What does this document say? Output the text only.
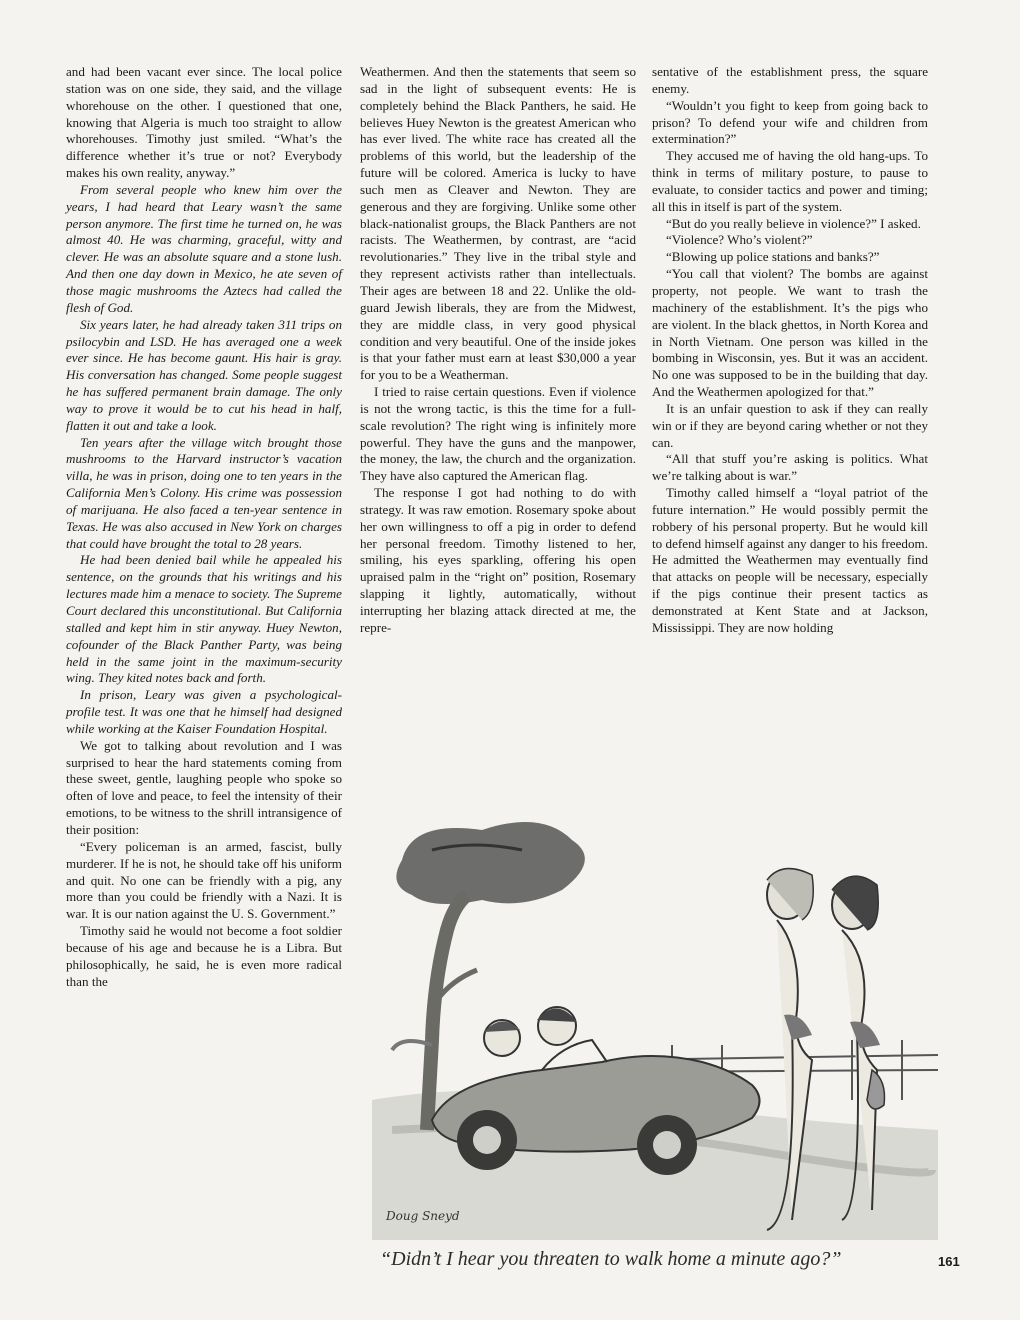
and had been vacant ever since. The local police station was on one side, they said, and the village whorehouse on the other. I questioned that one, knowing that Algeria is much too straight to allow whorehouses. Timothy just smiled. “What’s the difference whether it’s true or not? Everybody makes his own reality, anyway.”

From several people who knew him over the years, I had heard that Leary wasn’t the same person anymore. The first time he turned on, he was almost 40. He was charming, graceful, witty and clever. He was an absolute square and a stone lush. And then one day down in Mexico, he ate seven of those magic mushrooms the Aztecs had called the flesh of God.

Six years later, he had already taken 311 trips on psilocybin and LSD. He has averaged one a week ever since. He has become gaunt. His hair is gray. His conversation has changed. Some people suggest he has suffered permanent brain damage. The only way to prove it would be to cut his head in half, flatten it out and take a look.

Ten years after the village witch brought those mushrooms to the Harvard instructor’s vacation villa, he was in prison, doing one to ten years in the California Men’s Colony. His crime was possession of marijuana. He also faced a ten-year sentence in Texas. He was also accused in New York on charges that could have brought the total to 28 years.

He had been denied bail while he appealed his sentence, on the grounds that his writings and his lectures made him a menace to society. The Supreme Court declared this unconstitutional. But California stalled and kept him in stir anyway. Huey Newton, cofounder of the Black Panther Party, was being held in the same joint in the maximum-security wing. They kited notes back and forth.

In prison, Leary was given a psychological-profile test. It was one that he himself had designed while working at the Kaiser Foundation Hospital.

We got to talking about revolution and I was surprised to hear the hard statements coming from these sweet, gentle, laughing people who spoke so often of love and peace, to feel the intensity of their emotions, to be witness to the shrill intransigence of their position:

“Every policeman is an armed, fascist, bully murderer. If he is not, he should take off his uniform and quit. No one can be friendly with a pig, any more than you could be friendly with a Nazi. It is war. It is our nation against the U. S. Government.”

Timothy said he would not become a foot soldier because of his age and because he is a Libra. But philosophically, he said, he is even more radical than the

Weathermen. And then the statements that seem so sad in the light of subsequent events: He is completely behind the Black Panthers, he said. He believes Huey Newton is the greatest American who has ever lived. The white race has created all the problems of this world, but the leadership of the future will be colored. America is lucky to have such men as Cleaver and Newton. They are generous and they are forgiving. Unlike some other black-nationalist groups, the Black Panthers are not racists. The Weathermen, by contrast, are “acid revolutionaries.” They live in the tribal style and they represent activists rather than intellectuals. Their ages are between 18 and 22. Unlike the old-guard Jewish liberals, they are from the Midwest, they are middle class, in very good physical condition and very beautiful. One of the inside jokes is that your father must earn at least $30,000 a year for you to be a Weatherman.

I tried to raise certain questions. Even if violence is not the wrong tactic, is this the time for a full-scale revolution? The right wing is infinitely more powerful. They have the guns and the manpower, the money, the law, the church and the organization. They have also captured the American flag.

The response I got had nothing to do with strategy. It was raw emotion. Rosemary spoke about her own willingness to off a pig in order to defend her personal freedom. Timothy listened to her, smiling, his eyes sparkling, offering his open upraised palm in the “right on” position, Rosemary slapping it lightly, automatically, without interrupting her blazing attack directed at me, the repre-

sentative of the establishment press, the square enemy.

“Wouldn’t you fight to keep from going back to prison? To defend your wife and children from extermination?”

They accused me of having the old hang-ups. To think in terms of military posture, to pause to evaluate, to consider tactics and power and timing; all this in itself is part of the system.

“But do you really believe in violence?” I asked.

“Violence? Who’s violent?”

“Blowing up police stations and banks?”

“You call that violent? The bombs are against property, not people. We want to trash the machinery of the establishment. It’s the pigs who are violent. In the black ghettos, in North Korea and in North Vietnam. One person was killed in the bombing in Wisconsin, yes. But it was an accident. No one was supposed to be in the building that day. And the Weathermen apologized for that.”

It is an unfair question to ask if they can really win or if they are beyond caring whether or not they can.

“All that stuff you’re asking is politics. What we’re talking about is war.”

Timothy called himself a “loyal patriot of the future internation.” He would possibly permit the robbery of his personal property. But he would kill to defend himself against any danger to his freedom. He admitted the Weathermen may eventually find that attacks on people will be necessary, especially if the pigs continue their present tactics as demonstrated at Kent State and at Jackson, Mississippi. They are now holding

Doug Sneyd
“Didn’t I hear you threaten to walk home a minute ago?”	161
